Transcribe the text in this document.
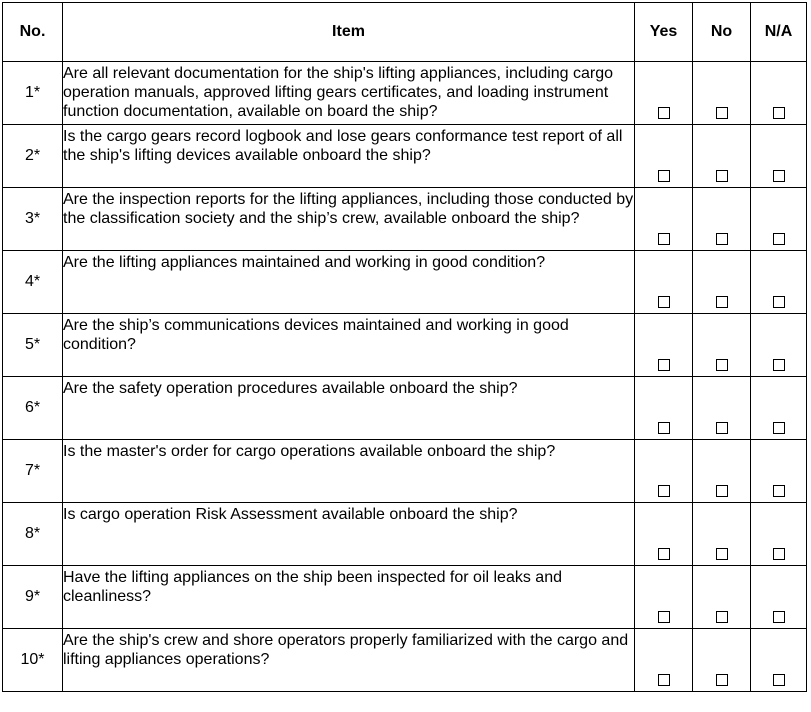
No.	Item	Yes	No	N/A
1*	Are all relevant documentation for the ship's lifting appliances, including cargo operation manuals, approved lifting gears certificates, and loading instrument function documentation, available on board the ship?			

2*	Is the cargo gears record logbook and lose gears conformance test report of all the ship's lifting devices available onboard the ship?			

3*	Are the inspection reports for the lifting appliances, including those conducted by the classification society and the ship’s crew, available onboard the ship?			

4*	Are the lifting appliances maintained and working in good condition?			

5*	Are the ship’s communications devices maintained and working in good condition?			

6*	Are the safety operation procedures available onboard the ship?			

7*	Is the master's order for cargo operations available onboard the ship?			

8*	Is cargo operation Risk Assessment available onboard the ship?			

9*	Have the lifting appliances on the ship been inspected for oil leaks and cleanliness?			

10*	Are the ship's crew and shore operators properly familiarized with the cargo and lifting appliances operations?			
